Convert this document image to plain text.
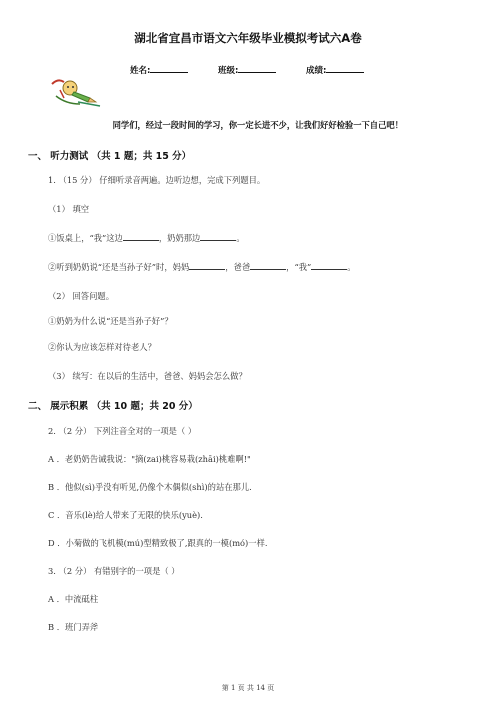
湖北省宜昌市语文六年级毕业模拟考试六A卷
姓名:	班级:	成绩:
同学们，经过一段时间的学习，你一定长进不少，让我们好好检验一下自己吧！
一、 听力测试 （共 1 题；共 15 分）
1. （15 分） 仔细听录音两遍。边听边想，完成下列题目。
（1） 填空
①饭桌上，“我”这边	，奶奶那边	。
②听到奶奶说“还是当孙子好”时，妈妈	，爸爸	，“我”	。
（2） 回答问题。
①奶奶为什么说“还是当孙子好”？
②你认为应该怎样对待老人？
（3） 续写：在以后的生活中，爸爸、妈妈会怎么做？
二、 展示积累 （共 10 题；共 20 分）
2. （2 分） 下列注音全对的一项是（ ）
A ．老奶奶告诫我说："摘(zai)桃容易栽(zhāi)桃难啊!"
B ．他似(sì)乎没有听见,仍像个木偶似(shì)的站在那儿.
C ．音乐(lè)给人带来了无限的快乐(yuè).
D ．小菊做的飞机模(mú)型精致极了,跟真的一模(mó)一样.
3. （2 分） 有错别字的一项是（ ）
A ．中流砥柱
B ．班门弄斧
第 1 页 共 14 页
